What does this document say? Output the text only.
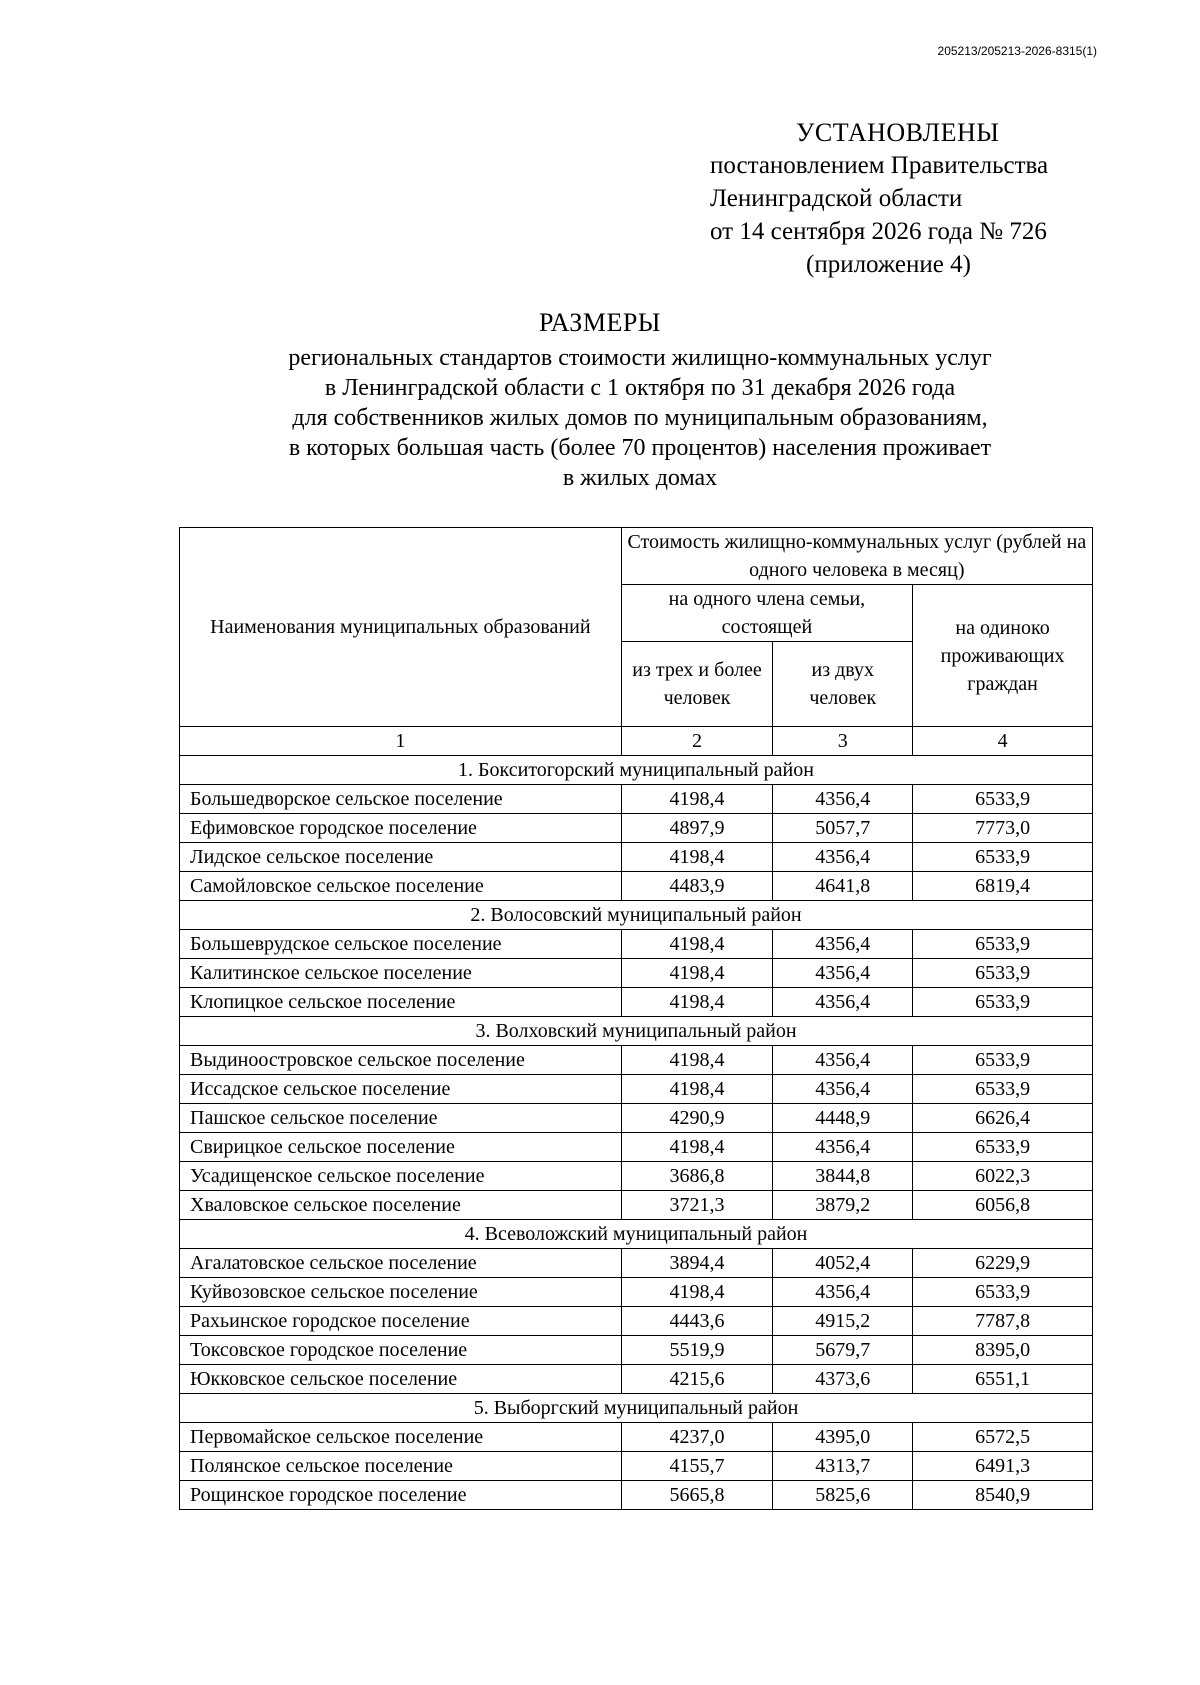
205213/205213-2026-8315(1)
УСТАНОВЛЕНЫ
постановлением Правительства
Ленинградской области
от 14 сентября 2026 года № 726
(приложение 4)
РАЗМЕРЫ
региональных стандартов стоимости жилищно-коммунальных услуг
в Ленинградской области с 1 октября по 31 декабря 2026 года
для собственников жилых домов по муниципальным образованиям,
в которых большая часть (более 70 процентов) населения проживает
в жилых домах
Наименования муниципальных образований	Стоимость жилищно-коммунальных услуг (рублей на одного человека в месяц)		
	на одного члена семьи, состоящей		на одиноко проживающих граждан
	из трех и более человек	из двух человек	
1	2	3	4
1. Бокситогорский муниципальный район			
Большедворское сельское поселение	4198,4	4356,4	6533,9
Ефимовское городское поселение	4897,9	5057,7	7773,0
Лидское сельское поселение	4198,4	4356,4	6533,9
Самойловское сельское поселение	4483,9	4641,8	6819,4
2. Волосовский муниципальный район			
Большеврудское сельское поселение	4198,4	4356,4	6533,9
Калитинское сельское поселение	4198,4	4356,4	6533,9
Клопицкое сельское поселение	4198,4	4356,4	6533,9
3. Волховский муниципальный район			
Выдиноостровское сельское поселение	4198,4	4356,4	6533,9
Иссадское сельское поселение	4198,4	4356,4	6533,9
Пашское сельское поселение	4290,9	4448,9	6626,4
Свирицкое сельское поселение	4198,4	4356,4	6533,9
Усадищенское сельское поселение	3686,8	3844,8	6022,3
Хваловское сельское поселение	3721,3	3879,2	6056,8
4. Всеволожский муниципальный район			
Агалатовское сельское поселение	3894,4	4052,4	6229,9
Куйвозовское сельское поселение	4198,4	4356,4	6533,9
Рахьинское городское поселение	4443,6	4915,2	7787,8
Токсовское городское поселение	5519,9	5679,7	8395,0
Юкковское сельское поселение	4215,6	4373,6	6551,1
5. Выборгский муниципальный район			
Первомайское сельское поселение	4237,0	4395,0	6572,5
Полянское сельское поселение	4155,7	4313,7	6491,3
Рощинское городское поселение	5665,8	5825,6	8540,9
